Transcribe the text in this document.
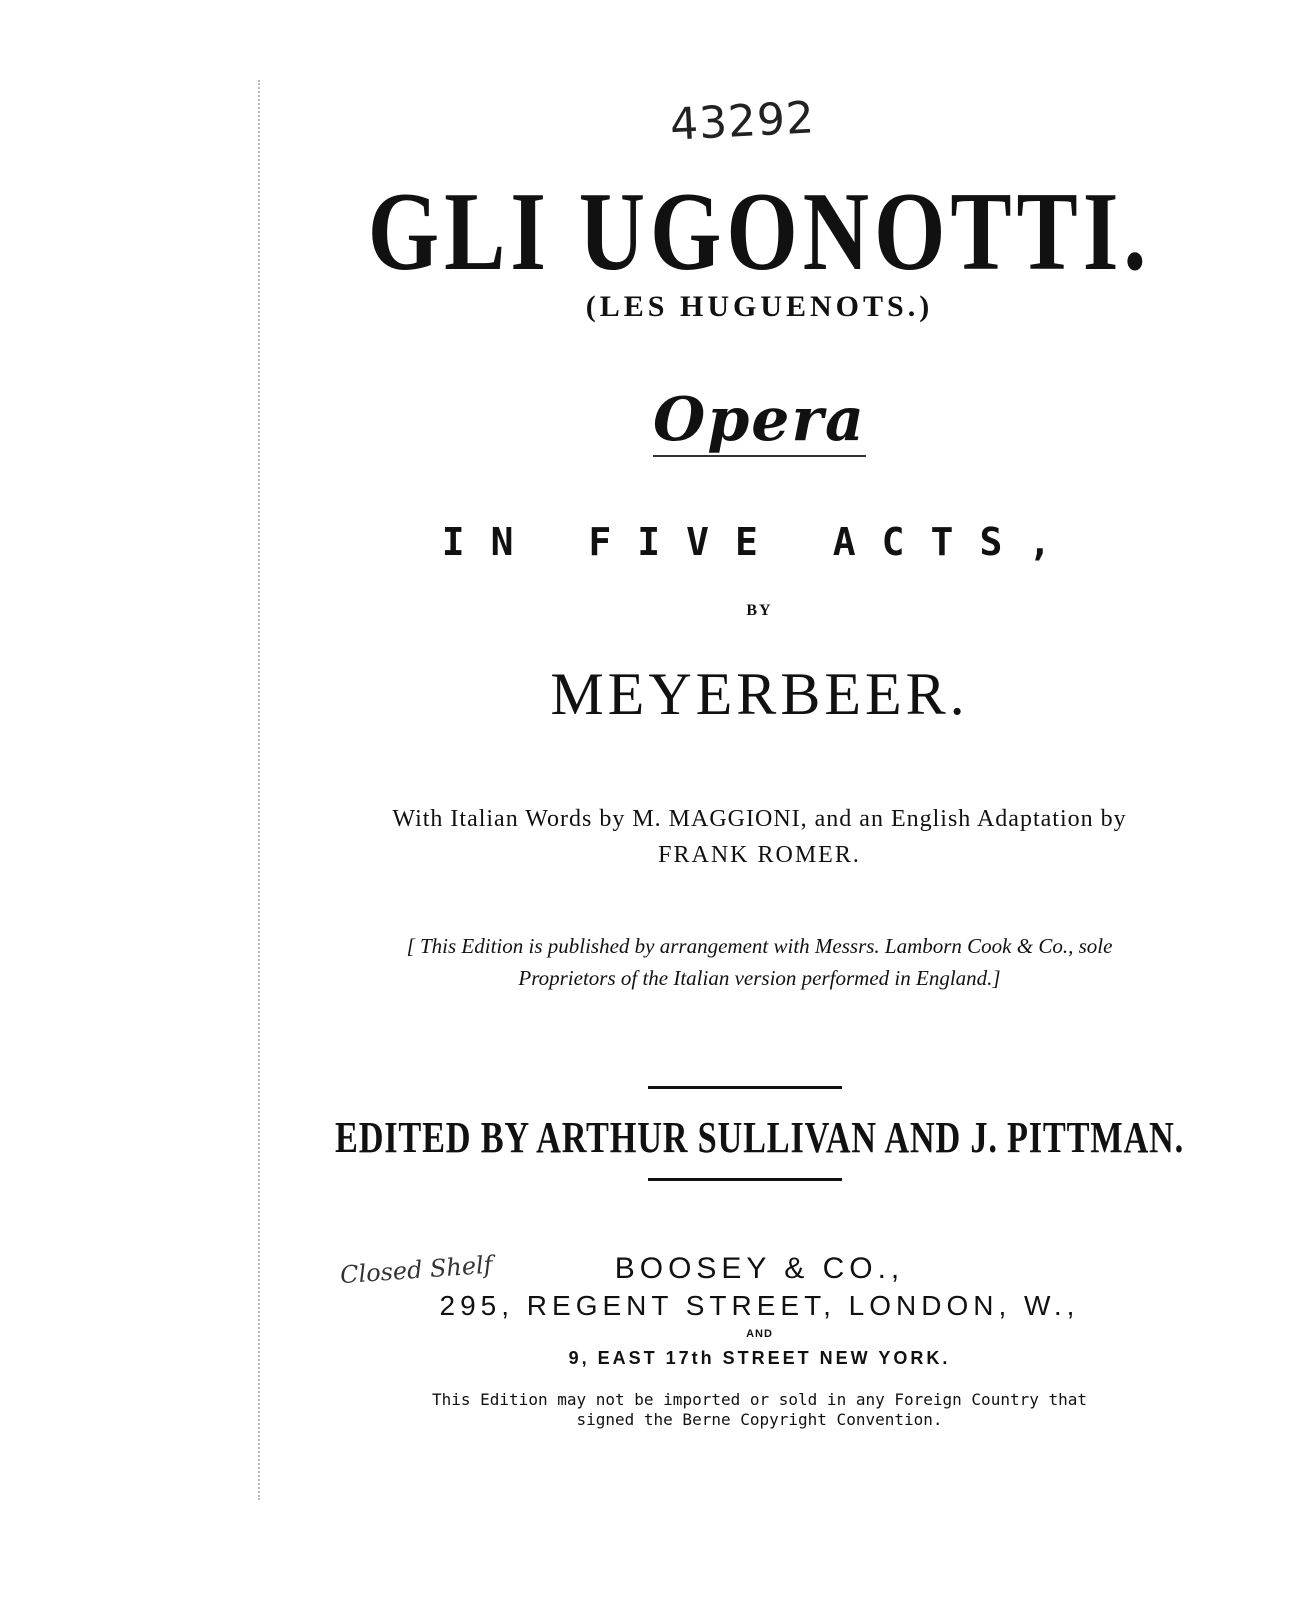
43292
GLI UGONOTTI.
(LES HUGUENOTS.)
Opera
IN FIVE ACTS,
BY
MEYERBEER.
With Italian Words by M. MAGGIONI, and an English Adaptation by
FRANK ROMER.
[ This Edition is published by arrangement with Messrs. Lamborn Cook & Co., sole
Proprietors of the Italian version performed in England.]
EDITED BY ARTHUR SULLIVAN AND J. PITTMAN.
Closed Shelf	BOOSEY & CO.,
295, REGENT STREET, LONDON, W.,
AND
9, EAST 17th STREET NEW YORK.
This Edition may not be imported or sold in any Foreign Country that
signed the Berne Copyright Convention.
